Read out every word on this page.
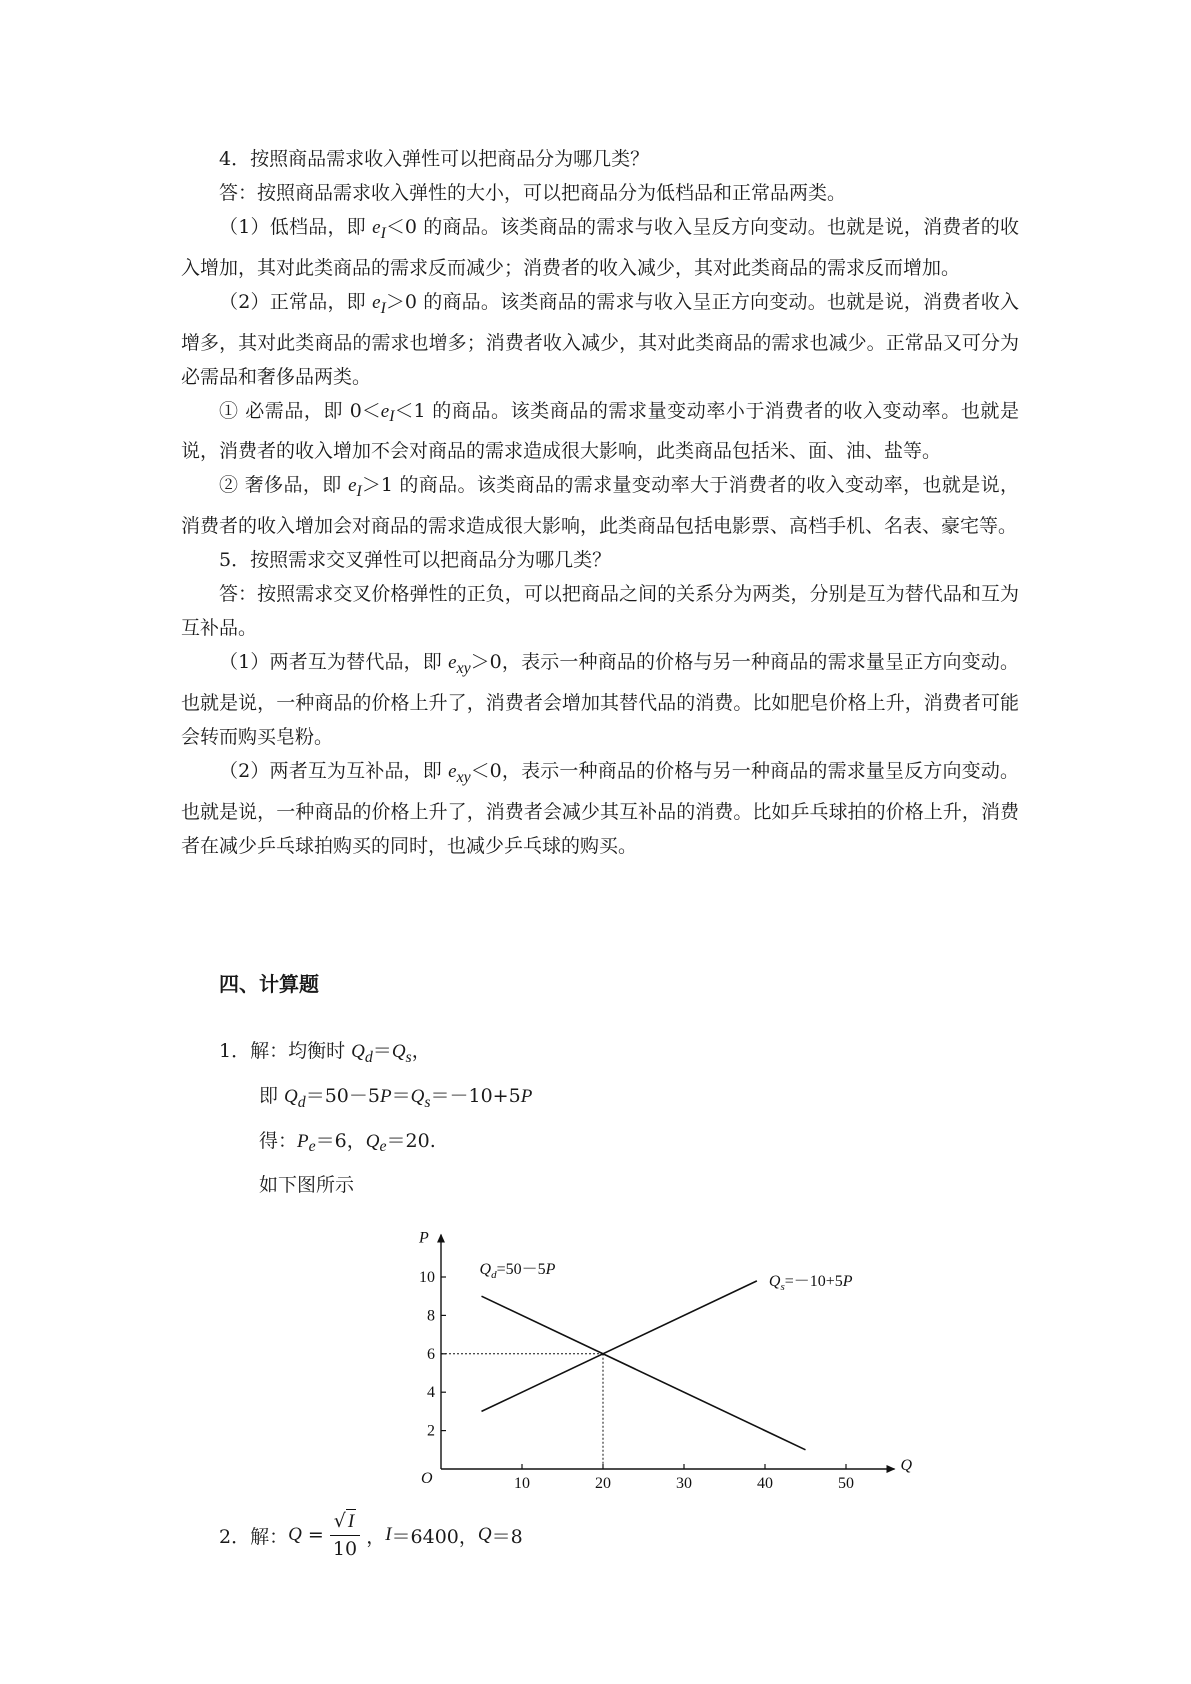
4．按照商品需求收入弹性可以把商品分为哪几类？

答：按照商品需求收入弹性的大小，可以把商品分为低档品和正常品两类。

（1）低档品，即 $e_I<0$ 的商品。该类商品的需求与收入呈反方向变动。也就是说，消费者的收入增加，其对此类商品的需求反而减少；消费者的收入减少，其对此类商品的需求反而增加。

（2）正常品，即 $e_I>0$ 的商品。该类商品的需求与收入呈正方向变动。也就是说，消费者收入增多，其对此类商品的需求也增多；消费者收入减少，其对此类商品的需求也减少。正常品又可分为必需品和奢侈品两类。

① 必需品，即 $0<e_I<1$ 的商品。该类商品的需求量变动率小于消费者的收入变动率。也就是说，消费者的收入增加不会对商品的需求造成很大影响，此类商品包括米、面、油、盐等。

② 奢侈品，即 $e_I>1$ 的商品。该类商品的需求量变动率大于消费者的收入变动率，也就是说，消费者的收入增加会对商品的需求造成很大影响，此类商品包括电影票、高档手机、名表、豪宅等。

5．按照需求交叉弹性可以把商品分为哪几类？

答：按照需求交叉价格弹性的正负，可以把商品之间的关系分为两类，分别是互为替代品和互为互补品。

（1）两者互为替代品，即 $e_{xy}>0$，表示一种商品的价格与另一种商品的需求量呈正方向变动。也就是说，一种商品的价格上升了，消费者会增加其替代品的消费。比如肥皂价格上升，消费者可能会转而购买皂粉。

（2）两者互为互补品，即 $e_{xy}<0$，表示一种商品的价格与另一种商品的需求量呈反方向变动。也就是说，一种商品的价格上升了，消费者会减少其互补品的消费。比如乒乓球拍的价格上升，消费者在减少乒乓球拍购买的同时，也减少乒乓球的购买。

四、计算题
1．解：均衡时 $Q_d=Q_s$，
即 $Q_d=50-5P=Q_s=-10+5P$
得：$P_e=6$，$Q_e=20$.
如下图所示
Q
P
O	10	20	30	40	50
2
4
6
8
10	$Q_d=50-5P$
$Q_s=-10+5P$
2．解： $Q = \frac{√ I}{10}$ ， I ＝6400， Q ＝8
